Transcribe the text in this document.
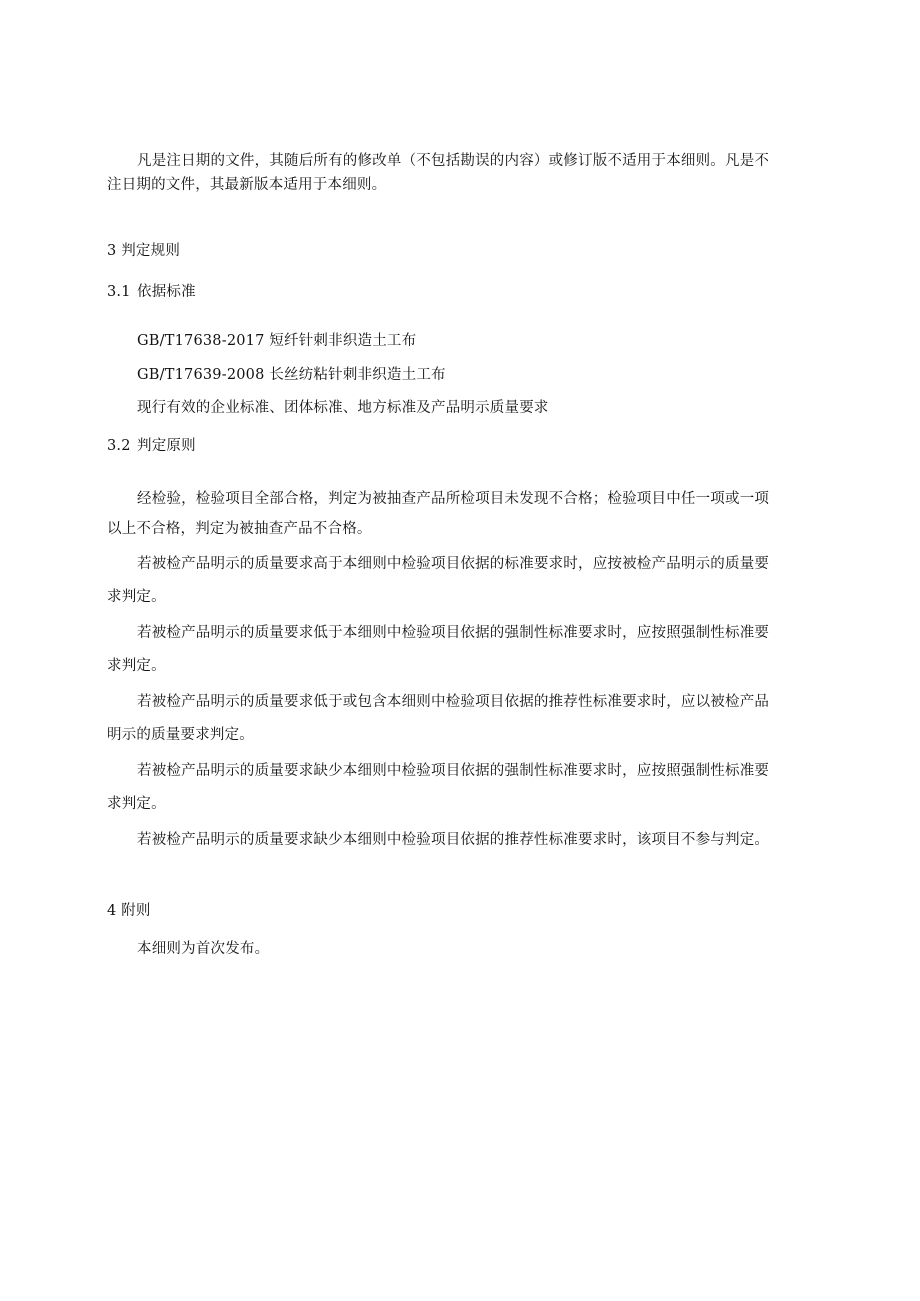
凡是注日期的文件，其随后所有的修改单（不包括勘误的内容）或修订版不适用于本细则。凡是不
注日期的文件，其最新版本适用于本细则。
3 判定规则
3.1 依据标准
GB/T17638-2017 短纤针刺非织造土工布
GB/T17639-2008 长丝纺粘针刺非织造土工布
现行有效的企业标准、团体标准、地方标准及产品明示质量要求
3.2 判定原则
经检验，检验项目全部合格，判定为被抽查产品所检项目未发现不合格；检验项目中任一项或一项
以上不合格，判定为被抽查产品不合格。
若被检产品明示的质量要求高于本细则中检验项目依据的标准要求时，应按被检产品明示的质量要
求判定。
若被检产品明示的质量要求低于本细则中检验项目依据的强制性标准要求时，应按照强制性标准要
求判定。
若被检产品明示的质量要求低于或包含本细则中检验项目依据的推荐性标准要求时，应以被检产品
明示的质量要求判定。
若被检产品明示的质量要求缺少本细则中检验项目依据的强制性标准要求时，应按照强制性标准要
求判定。
若被检产品明示的质量要求缺少本细则中检验项目依据的推荐性标准要求时，该项目不参与判定。
4 附则
本细则为首次发布。
